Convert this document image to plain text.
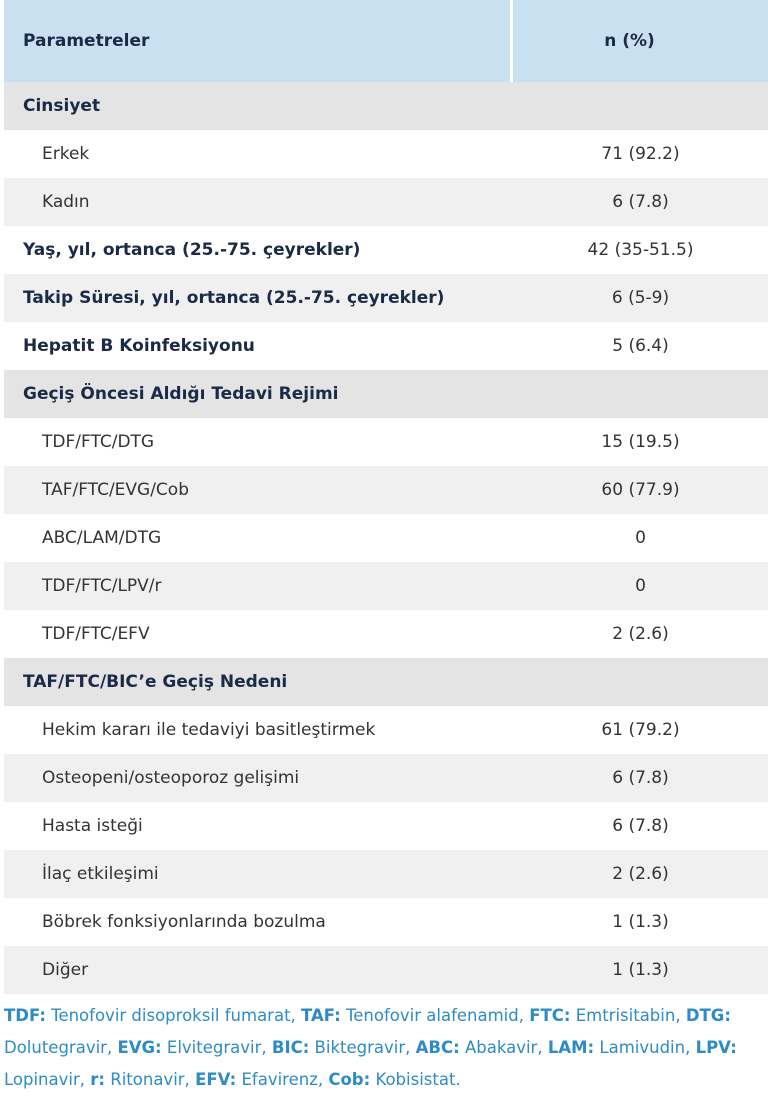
Parametreler	n (%)
Cinsiyet
Erkek	71 (92.2)
Kadın	6 (7.8)
Yaş, yıl, ortanca (25.-75. çeyrekler)	42 (35-51.5)
Takip Süresi, yıl, ortanca (25.-75. çeyrekler)	6 (5-9)
Hepatit B Koinfeksiyonu	5 (6.4)
Geçiş Öncesi Aldığı Tedavi Rejimi
TDF/FTC/DTG	15 (19.5)
TAF/FTC/EVG/Cob	60 (77.9)
ABC/LAM/DTG	0
TDF/FTC/LPV/r	0
TDF/FTC/EFV	2 (2.6)
TAF/FTC/BIC’e Geçiş Nedeni
Hekim kararı ile tedaviyi basitleştirmek	61 (79.2)
Osteopeni/osteoporoz gelişimi	6 (7.8)
Hasta isteği	6 (7.8)
İlaç etkileşimi	2 (2.6)
Böbrek fonksiyonlarında bozulma	1 (1.3)
Diğer	1 (1.3)
TDF: Tenofovir disoproksil fumarat, TAF: Tenofovir alafenamid, FTC: Emtrisitabin, DTG: Dolutegravir, EVG: Elvitegravir, BIC: Biktegravir, ABC: Abakavir, LAM: Lamivudin, LPV: Lopinavir, r: Ritonavir, EFV: Efavirenz, Cob: Kobisistat.
